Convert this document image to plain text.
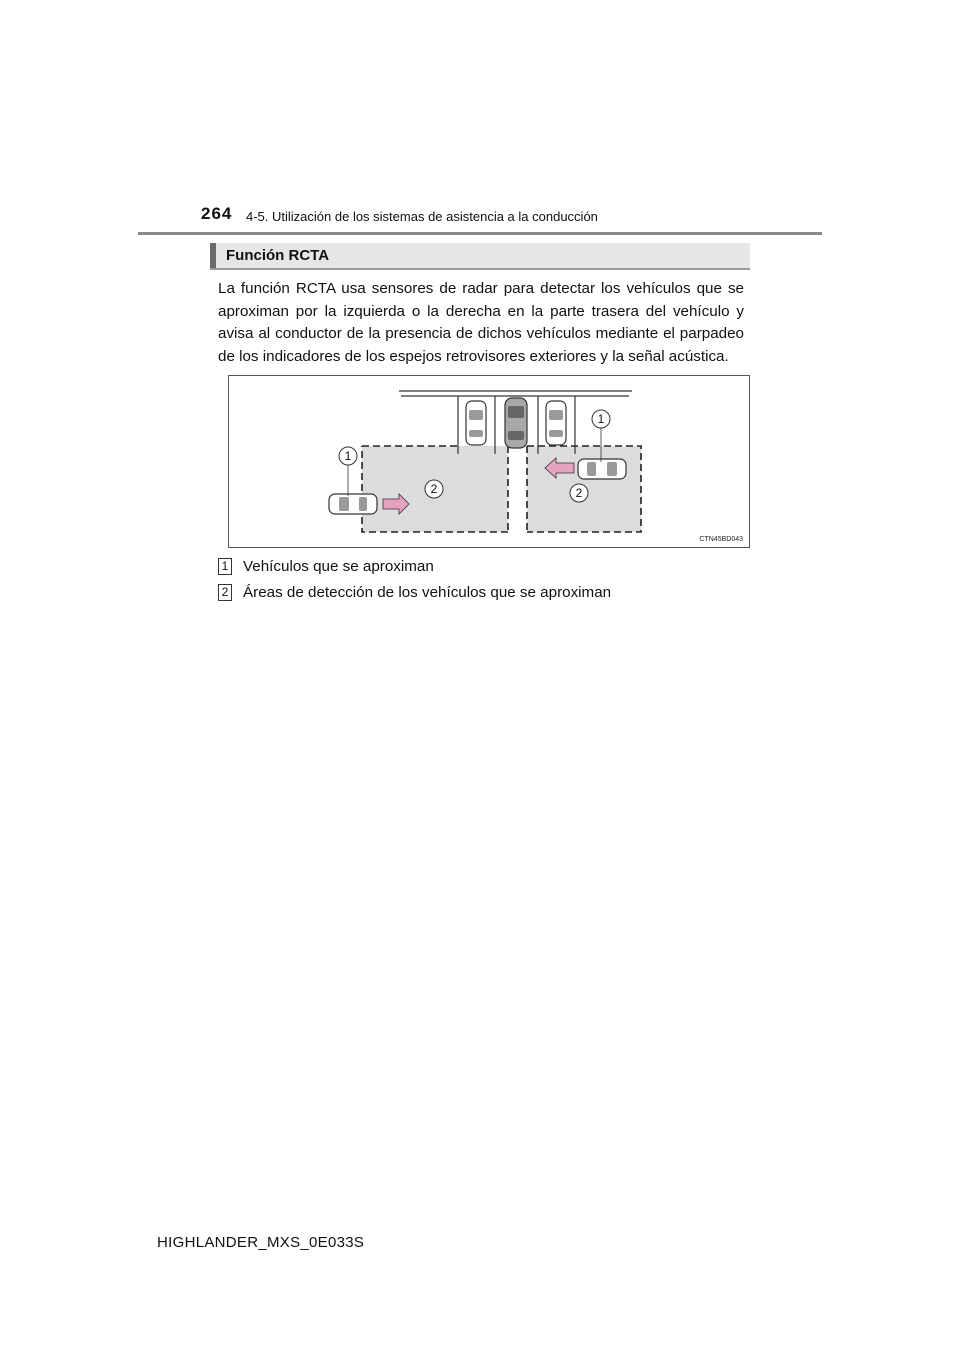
264 4-5. Utilización de los sistemas de asistencia a la conducción
Función RCTA
La función RCTA usa sensores de radar para detectar los vehículos que se aproximan por la izquierda o la derecha en la parte trasera del vehículo y avisa al conductor de la presencia de dichos vehículos mediante el parpadeo de los indicadores de los espejos retrovisores exteriores y la señal acústica.
1
1
2	2
CTN45BD043
1 Vehículos que se aproximan
2 Áreas de detección de los vehículos que se aproximan
HIGHLANDER_MXS_0E033S
